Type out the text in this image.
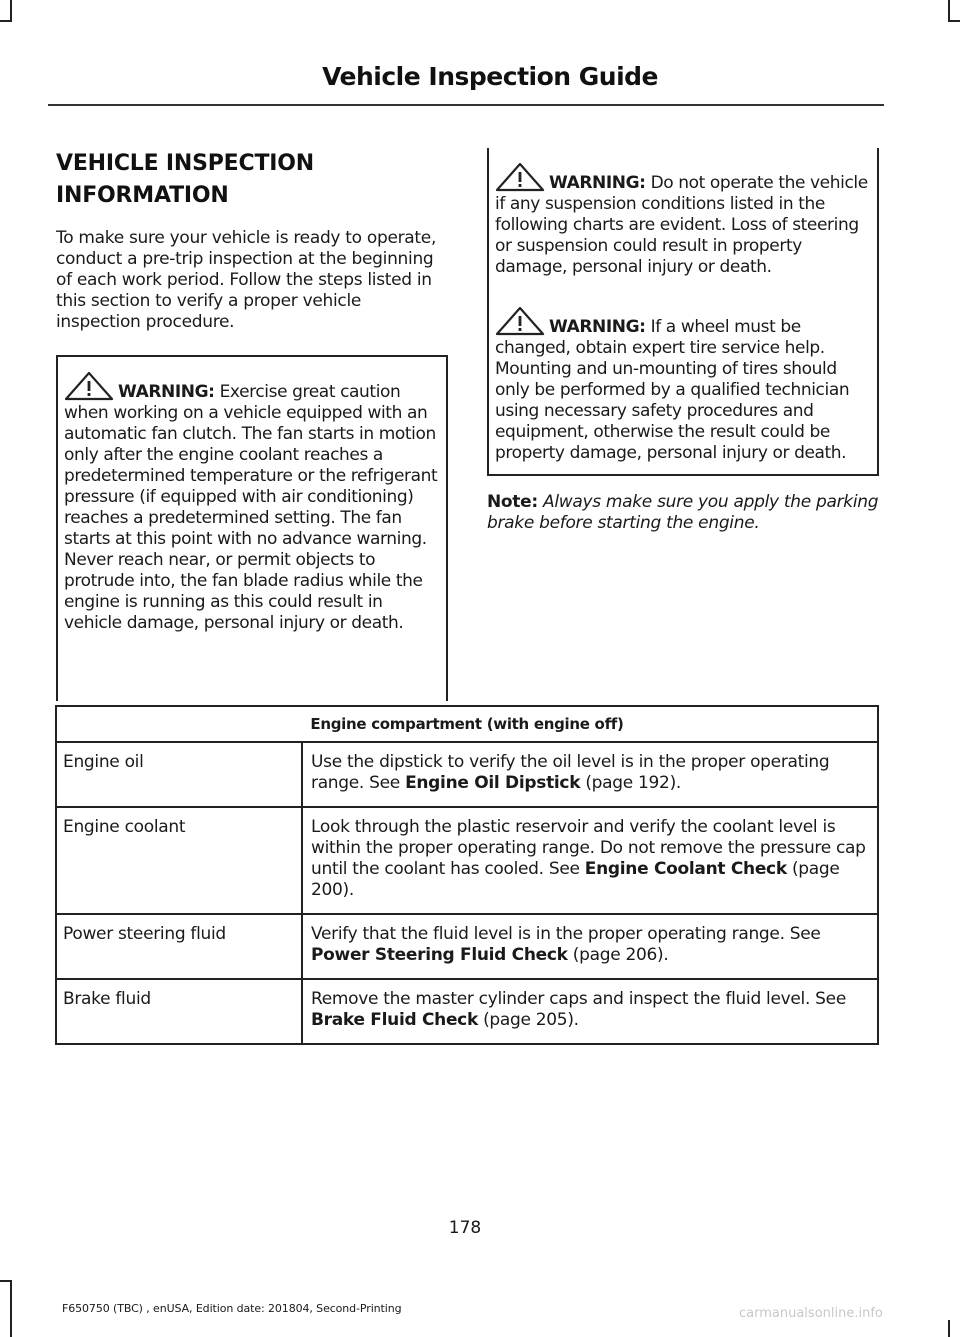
Vehicle Inspection Guide
VEHICLE INSPECTION
INFORMATION

To make sure your vehicle is ready to operate, conduct a pre-trip inspection at the beginning of each work period. Follow the steps listed in this section to verify a proper vehicle inspection procedure.

WARNING: Exercise great caution when working on a vehicle equipped with an automatic fan clutch. The fan starts in motion only after the engine coolant reaches a predetermined temperature or the refrigerant pressure (if equipped with air conditioning) reaches a predetermined setting. The fan starts at this point with no advance warning. Never reach near, or permit objects to protrude into, the fan blade radius while the engine is running as this could result in vehicle damage, personal injury or death.
WARNING: Do not operate the vehicle if any suspension conditions listed in the following charts are evident. Loss of steering or suspension could result in property damage, personal injury or death.
WARNING: If a wheel must be changed, obtain expert tire service help. Mounting and un-mounting of tires should only be performed by a qualified technician using necessary safety procedures and equipment, otherwise the result could be property damage, personal injury or death.

Note: Always make sure you apply the parking brake before starting the engine.

Engine compartment (with engine off)	
Engine oil	Use the dipstick to verify the oil level is in the proper operating range. See Engine Oil Dipstick (page 192).
Engine coolant	Look through the plastic reservoir and verify the coolant level is within the proper operating range. Do not remove the pressure cap until the coolant has cooled. See Engine Coolant Check (page 200).
Power steering fluid	Verify that the fluid level is in the proper operating range. See Power Steering Fluid Check (page 206).
Brake fluid	Remove the master cylinder caps and inspect the fluid level. See Brake Fluid Check (page 205).

178

F650750 (TBC) , enUSA, Edition date: 201804, Second-Printing	carmanualsonline.info
